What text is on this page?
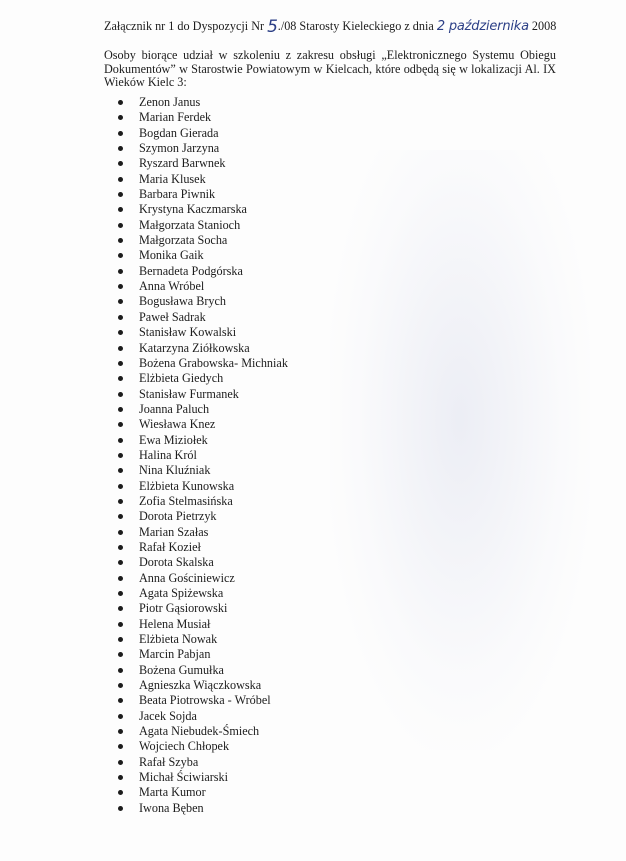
Załącznik nr 1 do Dyspozycji Nr 5./08 Starosty Kieleckiego z dnia 2 października 2008

Osoby biorące udział w szkoleniu z zakresu obsługi „Elektronicznego Systemu Obiegu Dokumentów” w Starostwie Powiatowym w Kielcach, które odbędą się w lokalizacji Al. IX Wieków Kielc 3:

Zenon Janus
Marian Ferdek
Bogdan Gierada
Szymon Jarzyna
Ryszard Barwnek
Maria Klusek
Barbara Piwnik
Krystyna Kaczmarska
Małgorzata Stanioch
Małgorzata Socha
Monika Gaik
Bernadeta Podgórska
Anna Wróbel
Bogusława Brych
Paweł Sadrak
Stanisław Kowalski
Katarzyna Ziółkowska
Bożena Grabowska- Michniak
Elżbieta Giedych
Stanisław Furmanek
Joanna Paluch
Wiesława Knez
Ewa Miziołek
Halina Król
Nina Kluźniak
Elżbieta Kunowska
Zofia Stelmasińska
Dorota Pietrzyk
Marian Szałas
Rafał Kozieł
Dorota Skalska
Anna Gościniewicz
Agata Spiżewska
Piotr Gąsiorowski
Helena Musiał
Elżbieta Nowak
Marcin Pabjan
Bożena Gumułka
Agnieszka Wiączkowska
Beata Piotrowska - Wróbel
Jacek Sojda
Agata Niebudek-Śmiech
Wojciech Chłopek
Rafał Szyba
Michał Ściwiarski
Marta Kumor
Iwona Bęben
